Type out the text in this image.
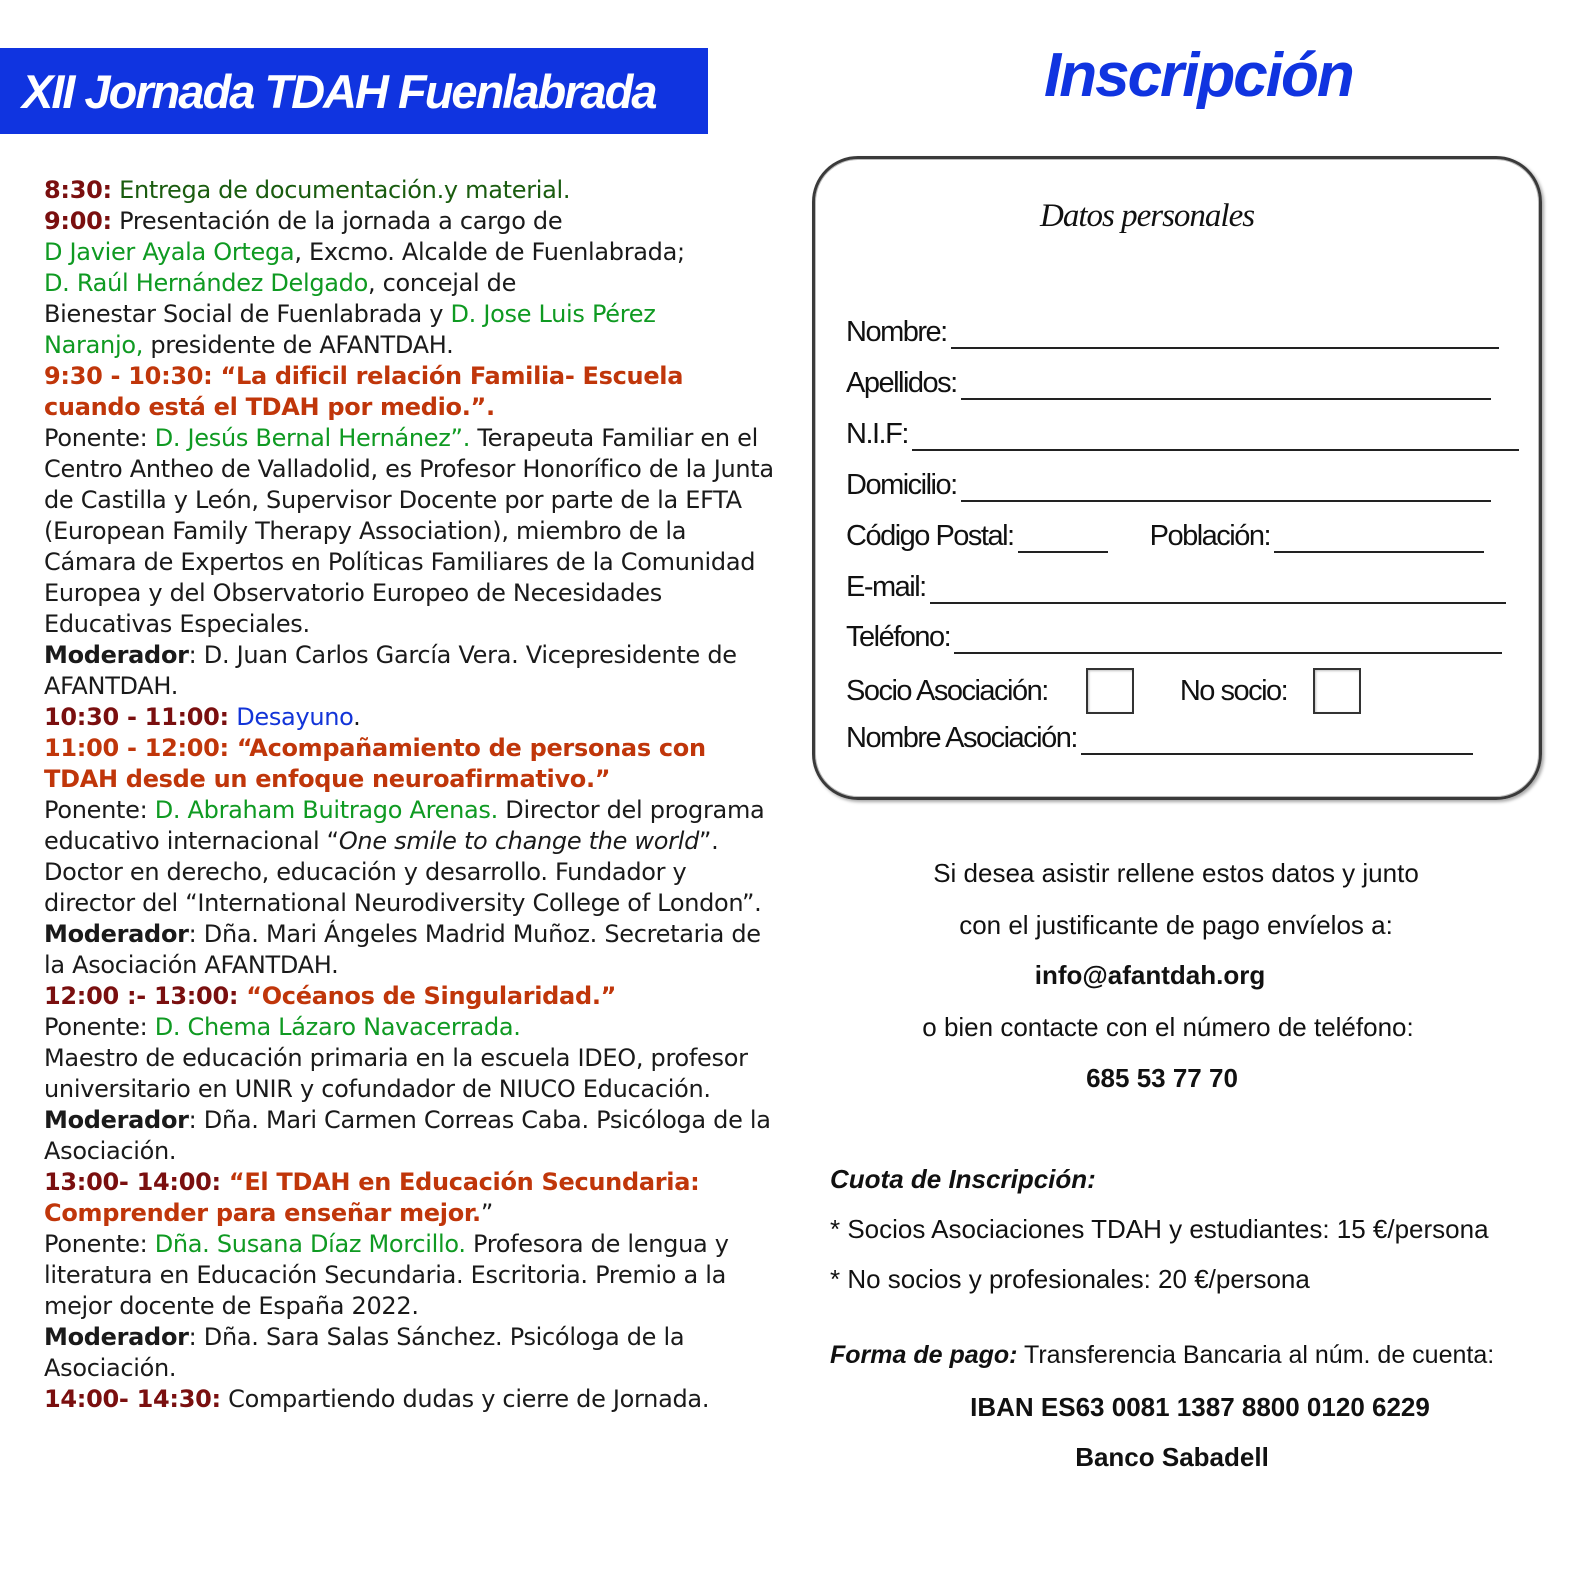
XII Jornada TDAH Fuenlabrada

8:30: Entrega de documentación.y material.

9:00: Presentación de la jornada a cargo de

D Javier Ayala Ortega, Excmo. Alcalde de Fuenlabrada;

D. Raúl Hernández Delgado, concejal de

Bienestar Social de Fuenlabrada y D. Jose Luis Pérez

Naranjo, presidente de AFANTDAH.

9:30 - 10:30: “La dificil relación Familia- Escuela cuando está el TDAH por medio.”.

Ponente: D. Jesús Bernal Hernánez”. Terapeuta Familiar en el Centro Antheo de Valladolid, es Profesor Honorífico de la Junta de Castilla y León, Supervisor Docente por parte de la EFTA (European Family Therapy Association), miembro de la Cámara de Expertos en Políticas Familiares de la Comunidad Europea y del Observatorio Europeo de Necesidades Educativas Especiales.

Moderador: D. Juan Carlos García Vera. Vicepresidente de AFANTDAH.

10:30 - 11:00: Desayuno.

11:00 - 12:00: “Acompañamiento de personas con TDAH desde un enfoque neuroafirmativo.”

Ponente: D. Abraham Buitrago Arenas. Director del programa educativo internacional “One smile to change the world”. Doctor en derecho, educación y desarrollo. Fundador y director del “International Neurodiversity College of London”.

Moderador: Dña. Mari Ángeles Madrid Muñoz. Secretaria de la Asociación AFANTDAH.

12:00 :- 13:00: “Océanos de Singularidad.”

Ponente: D. Chema Lázaro Navacerrada.

Maestro de educación primaria en la escuela IDEO, profesor universitario en UNIR y cofundador de NIUCO Educación.

Moderador: Dña. Mari Carmen Correas Caba. Psicóloga de la Asociación.

13:00- 14:00: “El TDAH en Educación Secundaria: Comprender para enseñar mejor.”

Ponente: Dña. Susana Díaz Morcillo. Profesora de lengua y literatura en Educación Secundaria. Escritoria. Premio a la mejor docente de España 2022.

Moderador: Dña. Sara Salas Sánchez. Psicóloga de la Asociación.

14:00- 14:30: Compartiendo dudas y cierre de Jornada.

Inscripción
Datos personales
Nombre:
Apellidos:
N.I.F:
Domicilio:
Código Postal:	Población:
E-mail:
Teléfono:
Socio Asociación:	No socio:
Nombre Asociación:
Si desea asistir rellene estos datos y junto
con el justificante de pago envíelos a:
info@afantdah.org
o bien contacte con el número de teléfono:
685 53 77 70
Cuota de Inscripción:
* Socios Asociaciones TDAH y estudiantes: 15 €/persona
* No socios y profesionales: 20 €/persona
Forma de pago: Transferencia Bancaria al núm. de cuenta:
IBAN ES63 0081 1387 8800 0120 6229
Banco Sabadell
